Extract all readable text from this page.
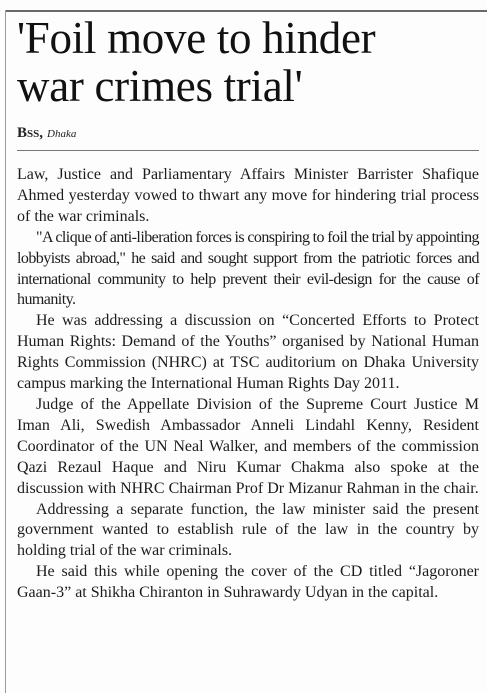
'Foil move to hinder
war crimes trial'
Bss, Dhaka

Law, Justice and Parliamentary Affairs Minister Barrister Shafique Ahmed yesterday vowed to thwart any move for hindering trial process of the war criminals.

"A clique of anti-liberation forces is conspiring to foil the trial by appointing lobbyists abroad," he said and sought support from the patriotic forces and international community to help prevent their evil-design for the cause of humanity.

He was addressing a discussion on “Concerted Efforts to Protect Human Rights: Demand of the Youths” organised by National Human Rights Commission (NHRC) at TSC auditorium on Dhaka University campus marking the International Human Rights Day 2011.

Judge of the Appellate Division of the Supreme Court Justice M Iman Ali, Swedish Ambassador Anneli Lindahl Kenny, Resident Coordinator of the UN Neal Walker, and members of the commission Qazi Rezaul Haque and Niru Kumar Chakma also spoke at the discussion with NHRC Chairman Prof Dr Mizanur Rahman in the chair.

Addressing a separate function, the law minister said the present government wanted to establish rule of the law in the country by holding trial of the war criminals.

He said this while opening the cover of the CD titled “Jagoroner Gaan-3” at Shikha Chiranton in Suhrawardy Udyan in the capital.
